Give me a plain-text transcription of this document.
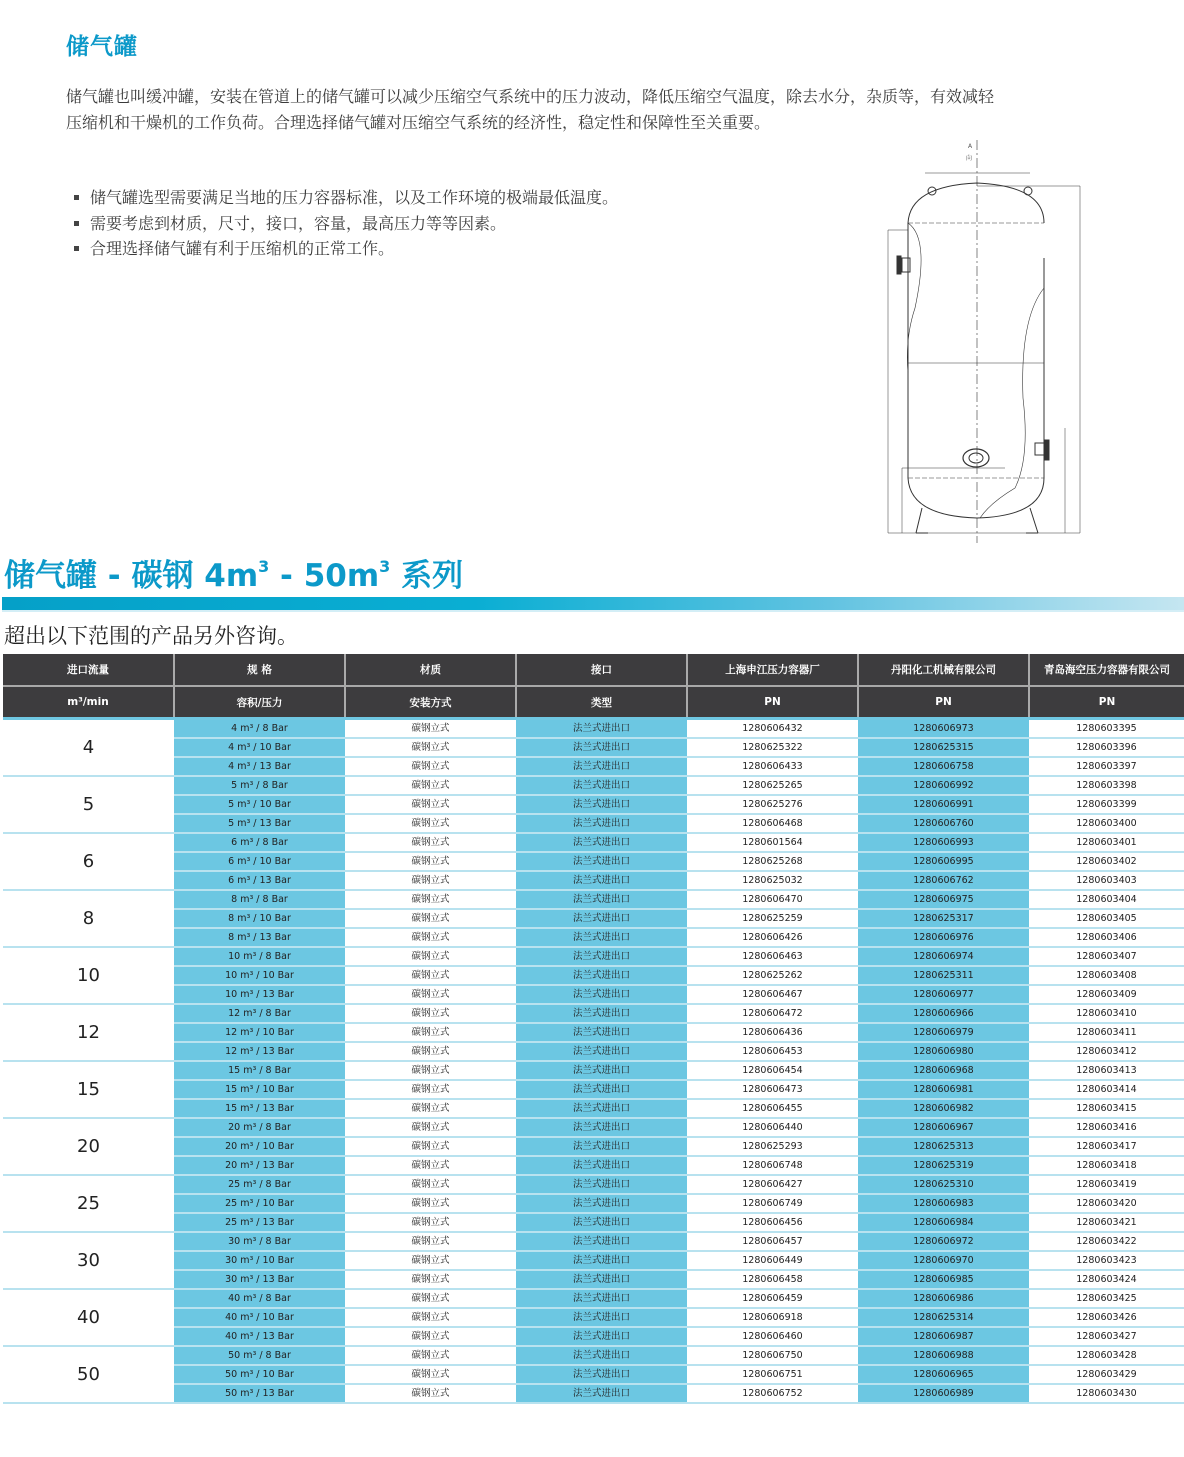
储气罐

储气罐也叫缓冲罐，安装在管道上的储气罐可以减少压缩空气系统中的压力波动，降低压缩空气温度，除去水分，杂质等，有效减轻

压缩机和干燥机的工作负荷。合理选择储气罐对压缩空气系统的经济性，稳定性和保障性至关重要。

储气罐选型需要满足当地的压力容器标准，以及工作环境的极端最低温度。
需要考虑到材质，尺寸，接口，容量，最高压力等等因素。
合理选择储气罐有利于压缩机的正常工作。
A
向
储气罐 - 碳钢 $4m^3 - 50m^3$ 系列
超出以下范围的产品另外咨询。
进口流量	规 格	材质	接口	上海申江压力容器厂	丹阳化工机械有限公司	青岛海空压力容器有限公司
m³/min	容积/压力	安装方式	类型	PN	PN	PN
4	4 m³ / 8 Bar	碳钢立式	法兰式进出口	1280606432	1280606973	1280603395
	4 m³ / 10 Bar	碳钢立式	法兰式进出口	1280625322	1280625315	1280603396
	4 m³ / 13 Bar	碳钢立式	法兰式进出口	1280606433	1280606758	1280603397
5	5 m³ / 8 Bar	碳钢立式	法兰式进出口	1280625265	1280606992	1280603398
	5 m³ / 10 Bar	碳钢立式	法兰式进出口	1280625276	1280606991	1280603399
	5 m³ / 13 Bar	碳钢立式	法兰式进出口	1280606468	1280606760	1280603400
6	6 m³ / 8 Bar	碳钢立式	法兰式进出口	1280601564	1280606993	1280603401
	6 m³ / 10 Bar	碳钢立式	法兰式进出口	1280625268	1280606995	1280603402
	6 m³ / 13 Bar	碳钢立式	法兰式进出口	1280625032	1280606762	1280603403
8	8 m³ / 8 Bar	碳钢立式	法兰式进出口	1280606470	1280606975	1280603404
	8 m³ / 10 Bar	碳钢立式	法兰式进出口	1280625259	1280625317	1280603405
	8 m³ / 13 Bar	碳钢立式	法兰式进出口	1280606426	1280606976	1280603406
10	10 m³ / 8 Bar	碳钢立式	法兰式进出口	1280606463	1280606974	1280603407
	10 m³ / 10 Bar	碳钢立式	法兰式进出口	1280625262	1280625311	1280603408
	10 m³ / 13 Bar	碳钢立式	法兰式进出口	1280606467	1280606977	1280603409
12	12 m³ / 8 Bar	碳钢立式	法兰式进出口	1280606472	1280606966	1280603410
	12 m³ / 10 Bar	碳钢立式	法兰式进出口	1280606436	1280606979	1280603411
	12 m³ / 13 Bar	碳钢立式	法兰式进出口	1280606453	1280606980	1280603412
15	15 m³ / 8 Bar	碳钢立式	法兰式进出口	1280606454	1280606968	1280603413
	15 m³ / 10 Bar	碳钢立式	法兰式进出口	1280606473	1280606981	1280603414
	15 m³ / 13 Bar	碳钢立式	法兰式进出口	1280606455	1280606982	1280603415
20	20 m³ / 8 Bar	碳钢立式	法兰式进出口	1280606440	1280606967	1280603416
	20 m³ / 10 Bar	碳钢立式	法兰式进出口	1280625293	1280625313	1280603417
	20 m³ / 13 Bar	碳钢立式	法兰式进出口	1280606748	1280625319	1280603418
25	25 m³ / 8 Bar	碳钢立式	法兰式进出口	1280606427	1280625310	1280603419
	25 m³ / 10 Bar	碳钢立式	法兰式进出口	1280606749	1280606983	1280603420
	25 m³ / 13 Bar	碳钢立式	法兰式进出口	1280606456	1280606984	1280603421
30	30 m³ / 8 Bar	碳钢立式	法兰式进出口	1280606457	1280606972	1280603422
	30 m³ / 10 Bar	碳钢立式	法兰式进出口	1280606449	1280606970	1280603423
	30 m³ / 13 Bar	碳钢立式	法兰式进出口	1280606458	1280606985	1280603424
40	40 m³ / 8 Bar	碳钢立式	法兰式进出口	1280606459	1280606986	1280603425
	40 m³ / 10 Bar	碳钢立式	法兰式进出口	1280606918	1280625314	1280603426
	40 m³ / 13 Bar	碳钢立式	法兰式进出口	1280606460	1280606987	1280603427
50	50 m³ / 8 Bar	碳钢立式	法兰式进出口	1280606750	1280606988	1280603428
	50 m³ / 10 Bar	碳钢立式	法兰式进出口	1280606751	1280606965	1280603429
	50 m³ / 13 Bar	碳钢立式	法兰式进出口	1280606752	1280606989	1280603430
